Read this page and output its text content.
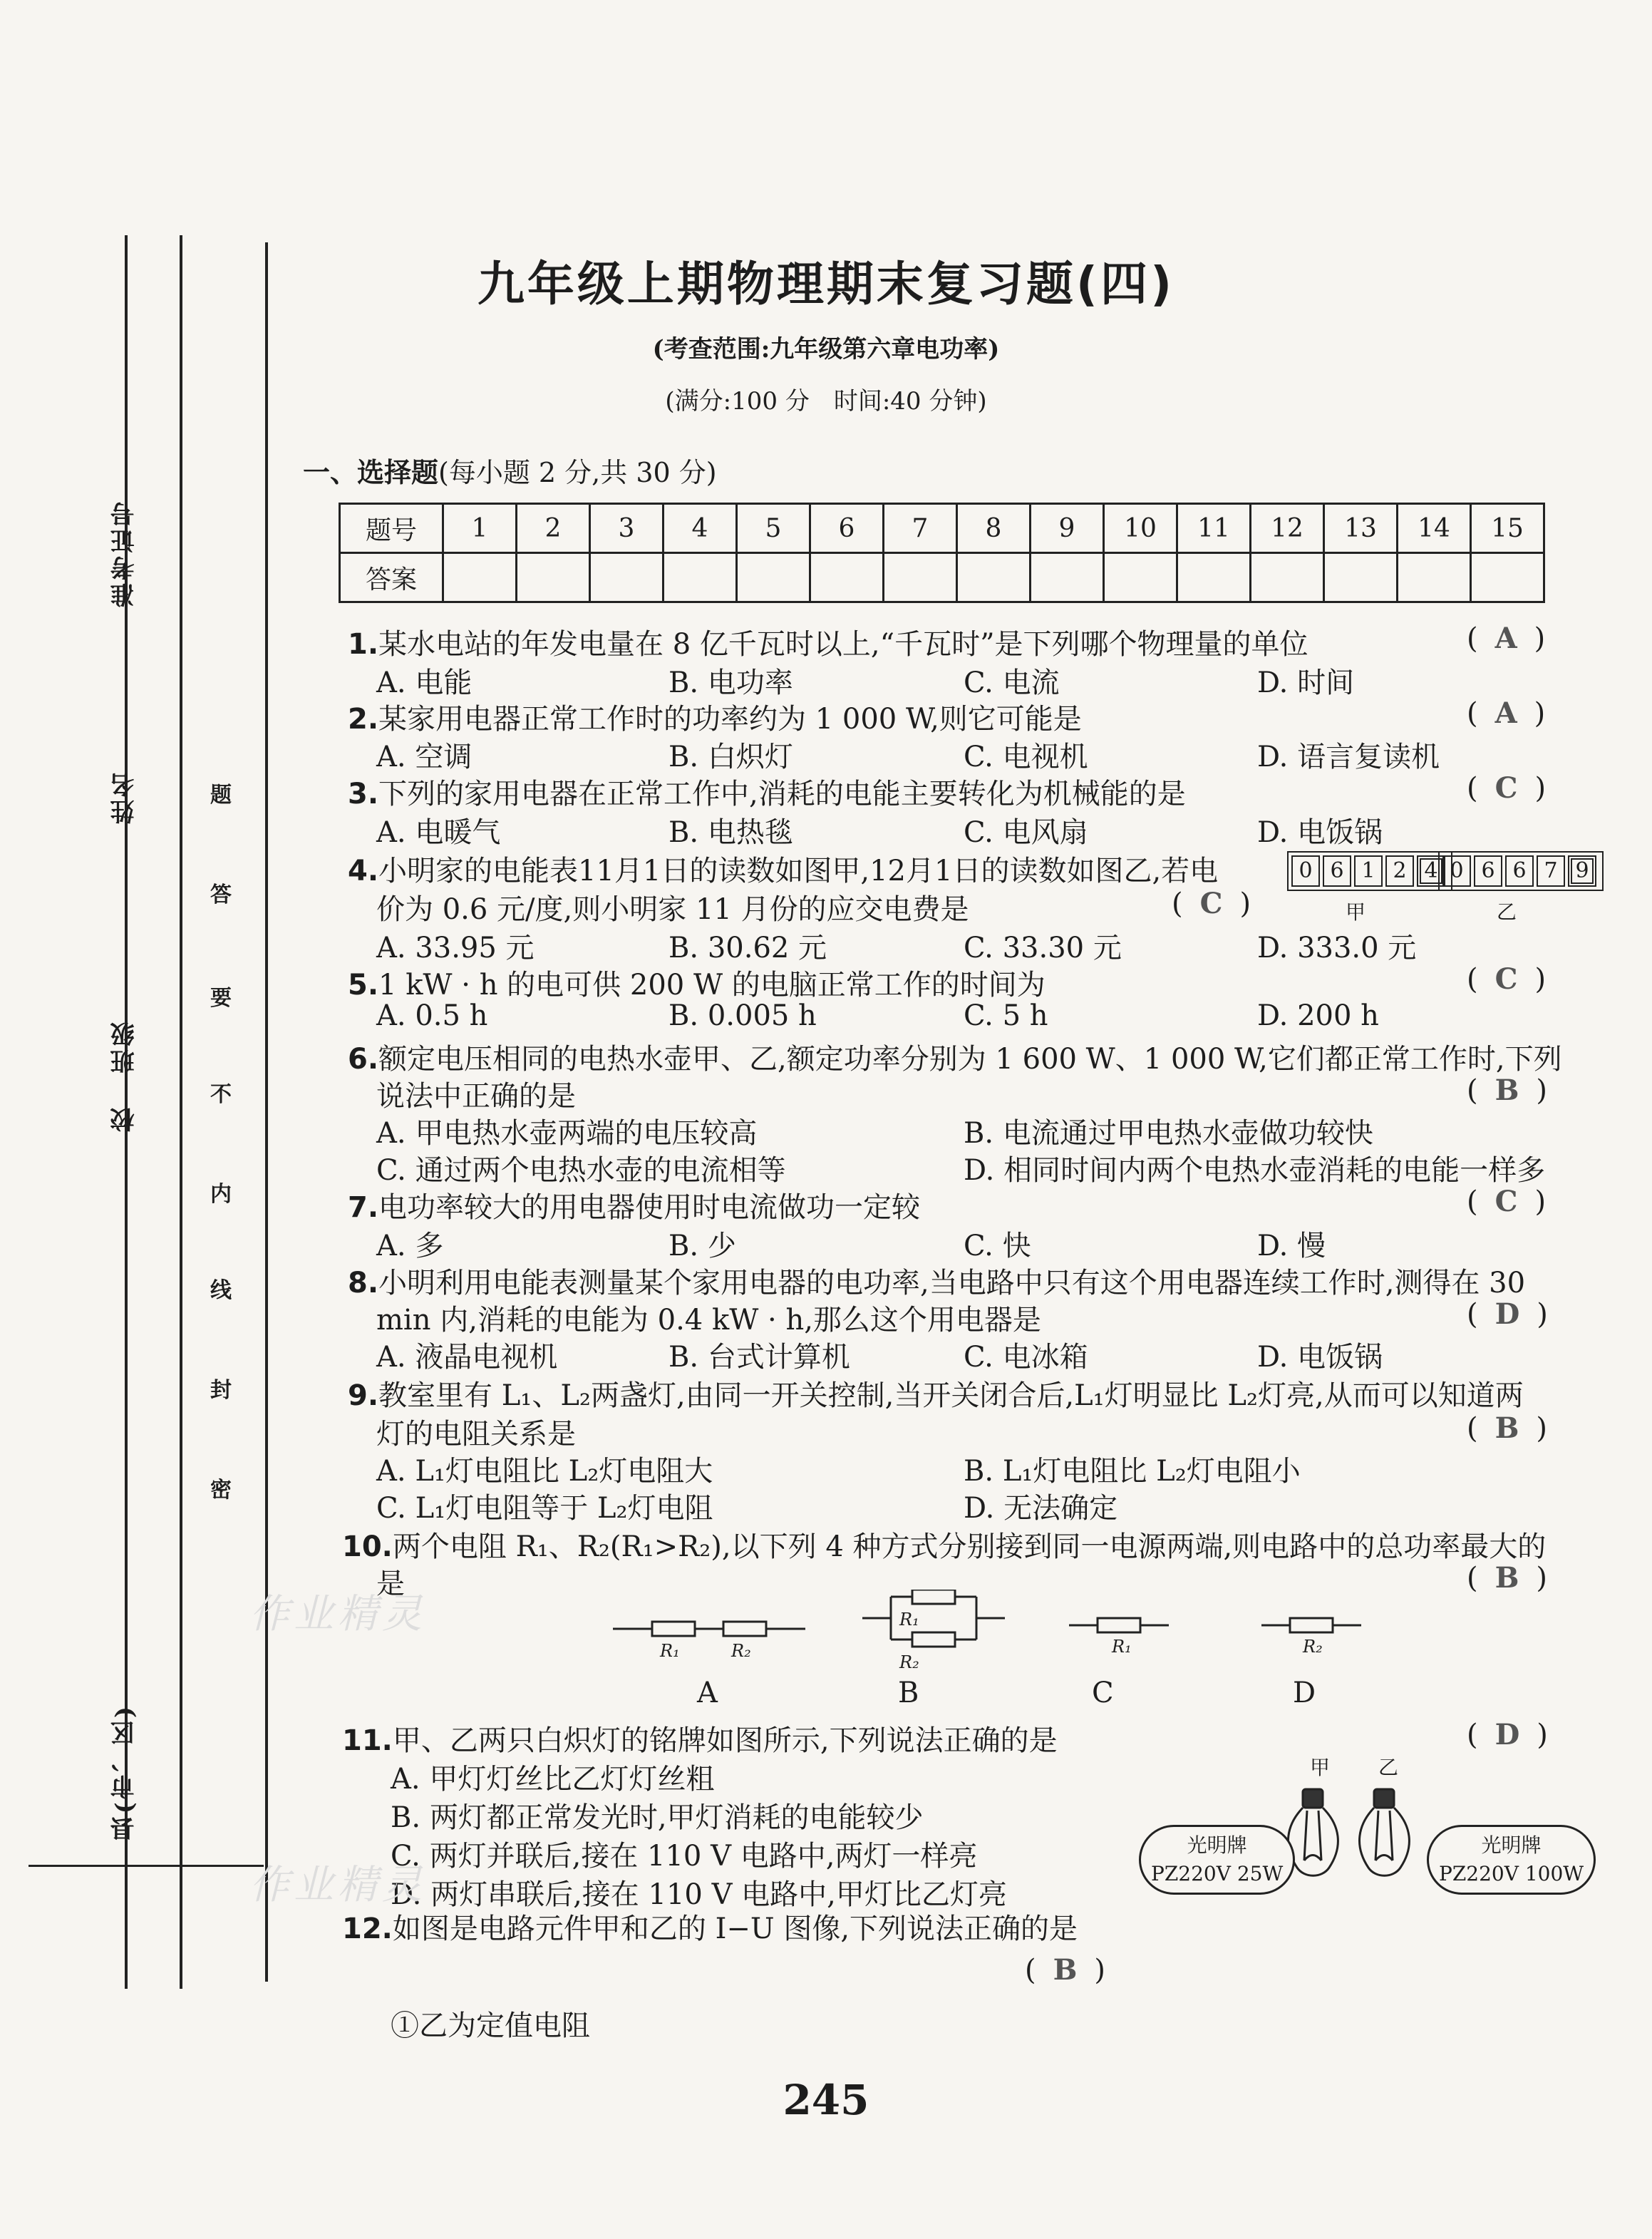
准考证号
姓名
班级
校
县(市、区)
密
封
线
内
不
要
答
题
九年级上期物理期末复习题(四)
(考查范围:九年级第六章电功率)
(满分:100 分　时间:40 分钟)
一、选择题(每小题 2 分,共 30 分)
题号	1	2	3	4	5	6	7	8	9	10	11	12	13	14	15
答案															
1.某水电站的年发电量在 8 亿千瓦时以上,“千瓦时”是下列哪个物理量的单位	( A )
A. 电能	B. 电功率	C. 电流	D. 时间
2.某家用电器正常工作时的功率约为 1 000 W,则它可能是	( A )
A. 空调	B. 白炽灯	C. 电视机	D. 语言复读机
3.下列的家用电器在正常工作中,消耗的电能主要转化为机械能的是	( C )
A. 电暖气	B. 电热毯	C. 电风扇	D. 电饭锅
4.小明家的电能表11月1日的读数如图甲,12月1日的读数如图乙,若电
价为 0.6 元/度,则小明家 11 月份的应交电费是	( C )
0 6 1 2 4
甲
0 6 6 7 9
乙
A. 33.95 元	B. 30.62 元	C. 33.30 元	D. 333.0 元
5.1 kW · h 的电可供 200 W 的电脑正常工作的时间为	( C )
A. 0.5 h	B. 0.005 h	C. 5 h	D. 200 h
6.额定电压相同的电热水壶甲、乙,额定功率分别为 1 600 W、1 000 W,它们都正常工作时,下列
说法中正确的是	( B )
A. 甲电热水壶两端的电压较高	B. 电流通过甲电热水壶做功较快
C. 通过两个电热水壶的电流相等	D. 相同时间内两个电热水壶消耗的电能一样多
7.电功率较大的用电器使用时电流做功一定较	( C )
A. 多	B. 少	C. 快	D. 慢
8.小明利用电能表测量某个家用电器的电功率,当电路中只有这个用电器连续工作时,测得在 30
min 内,消耗的电能为 0.4 kW · h,那么这个用电器是	( D )
A. 液晶电视机	B. 台式计算机	C. 电冰箱	D. 电饭锅
9.教室里有 L₁、L₂两盏灯,由同一开关控制,当开关闭合后,L₁灯明显比 L₂灯亮,从而可以知道两
灯的电阻关系是	( B )
A. L₁灯电阻比 L₂灯电阻大	B. L₁灯电阻比 L₂灯电阻小
C. L₁灯电阻等于 L₂灯电阻	D. 无法确定
10.两个电阻 R₁、R₂(R₁>R₂),以下列 4 种方式分别接到同一电源两端,则电路中的总功率最大的
是	( B )
R₁	R₂
R₁
R₂
R₁	R₂
A	B	C	D
11.甲、乙两只白炽灯的铭牌如图所示,下列说法正确的是	( D )
A. 甲灯灯丝比乙灯灯丝粗
B. 两灯都正常发光时,甲灯消耗的电能较少
C. 两灯并联后,接在 110 V 电路中,两灯一样亮
D. 两灯串联后,接在 110 V 电路中,甲灯比乙灯亮
甲 乙
光明牌
PZ220V 25W
光明牌
PZ220V 100W
12.如图是电路元件甲和乙的 I−U 图像,下列说法正确的是
( B )
①乙为定值电阻
作业精灵
作业精灵
245
